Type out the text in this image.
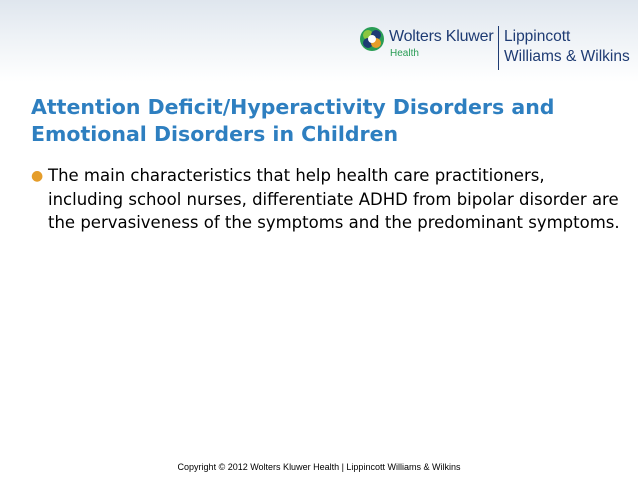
Wolters Kluwer
Health
Lippincott
Williams & Wilkins
Attention Deficit/Hyperactivity Disorders and Emotional Disorders in Children
● The main characteristics that help health care practitioners, including school nurses, differentiate ADHD from bipolar disorder are the pervasiveness of the symptoms and the predominant symptoms.
Copyright © 2012 Wolters Kluwer Health | Lippincott Williams & Wilkins
